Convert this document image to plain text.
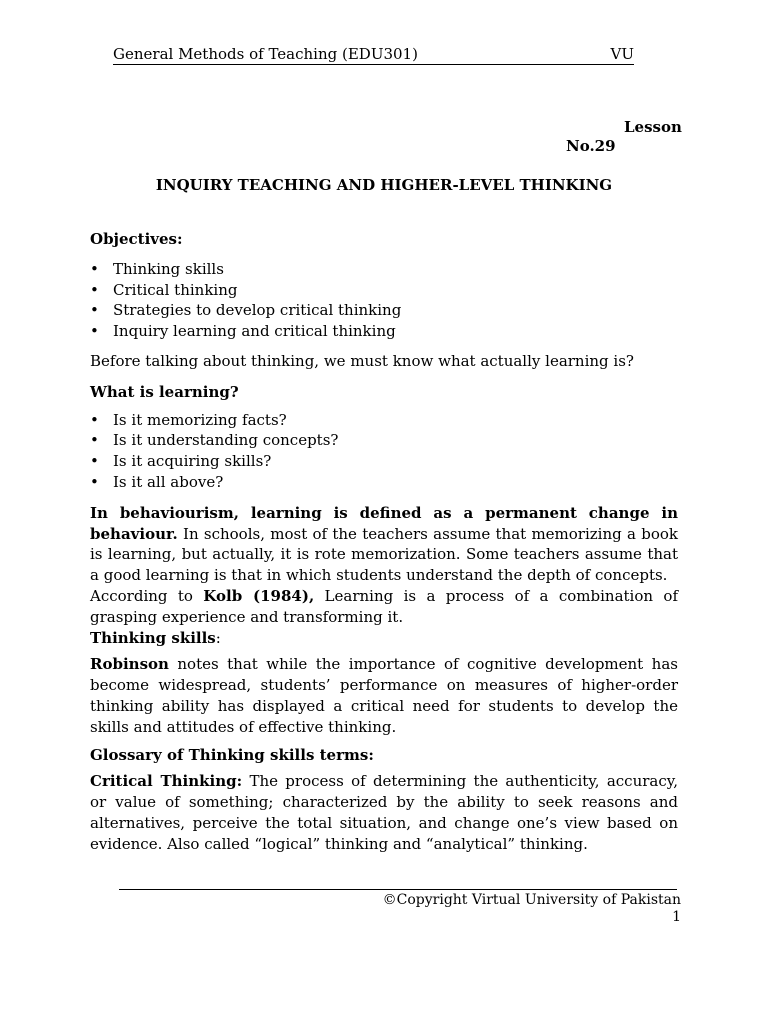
General Methods of Teaching (EDU301)	VU
Lesson
No.29
INQUIRY TEACHING AND HIGHER-LEVEL THINKING

Objectives:

• Thinking skills
• Critical thinking
• Strategies to develop critical thinking
• Inquiry learning and critical thinking

Before talking about thinking, we must know what actually learning is?

What is learning?

• Is it memorizing facts?
• Is it understanding concepts?
• Is it acquiring skills?
• Is it all above?

In behaviourism, learning is defined as a permanent change in behaviour. In schools, most of the teachers assume that memorizing a book is learning, but actually, it is rote memorization. Some teachers assume that a good learning is that in which students understand the depth of concepts.

According to Kolb (1984), Learning is a process of a combination of grasping experience and transforming it.

Thinking skills:

Robinson notes that while the importance of cognitive development has become widespread, students’ performance on measures of higher-order thinking ability has displayed a critical need for students to develop the skills and attitudes of effective thinking.

Glossary of Thinking skills terms:

Critical Thinking: The process of determining the authenticity, accuracy, or value of something; characterized by the ability to seek reasons and alternatives, perceive the total situation, and change one’s view based on evidence. Also called “logical” thinking and “analytical” thinking.

©Copyright Virtual University of Pakistan
1
